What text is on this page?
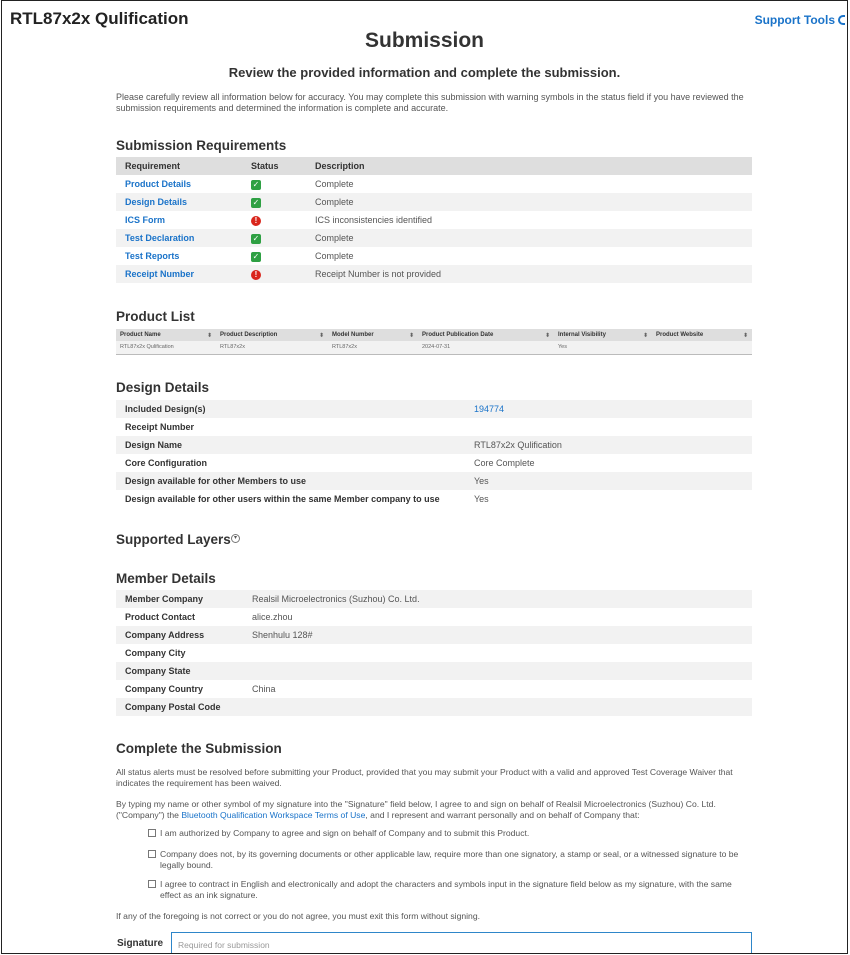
RTL87x2x Qulification	Support Tools
Submission

Review the provided information and complete the submission.

Please carefully review all information below for accuracy. You may complete this submission with warning symbols in the status field if you have reviewed the submission requirements and determined the information is complete and accurate.

Submission Requirements
Requirement	Status	Description
Product Details	✓	Complete
Design Details	✓	Complete
ICS Form	!	ICS inconsistencies identified
Test Declaration	✓	Complete
Test Reports	✓	Complete
Receipt Number	!	Receipt Number is not provided
Product List
Product Name ⬍	Product Description ⬍	Model Number ⬍	Product Publication Date ⬍	Internal Visibility ⬍	Product Website ⬍

RTL87x2x Qulification	RTL87x2x	RTL87x2x	2024-07-31	Yes	
Design Details
Included Design(s)	194774
Receipt Number	
Design Name	RTL87x2x Qulification
Core Configuration	Core Complete
Design available for other Members to use	Yes
Design available for other users within the same Member company to use	Yes
Supported Layers ▾
Member Details
Member Company	Realsil Microelectronics (Suzhou) Co. Ltd.
Product Contact	alice.zhou
Company Address	Shenhulu 128#
Company City	
Company State	
Company Country	China
Company Postal Code	
Complete the Submission

All status alerts must be resolved before submitting your Product, provided that you may submit your Product with a valid and approved Test Coverage Waiver that indicates the requirement has been waived.

By typing my name or other symbol of my signature into the "Signature" field below, I agree to and sign on behalf of Realsil Microelectronics (Suzhou) Co. Ltd. ("Company") the Bluetooth Qualification Workspace Terms of Use, and I represent and warrant personally and on behalf of Company that:

I am authorized by Company to agree and sign on behalf of Company and to submit this Product.
Company does not, by its governing documents or other applicable law, require more than one signatory, a stamp or seal, or a witnessed signature to be legally bound.
I agree to contract in English and electronically and adopt the characters and symbols input in the signature field below as my signature, with the same effect as an ink signature.

If any of the foregoing is not correct or you do not agree, you must exit this form without signing.

Signature
Required for submission
